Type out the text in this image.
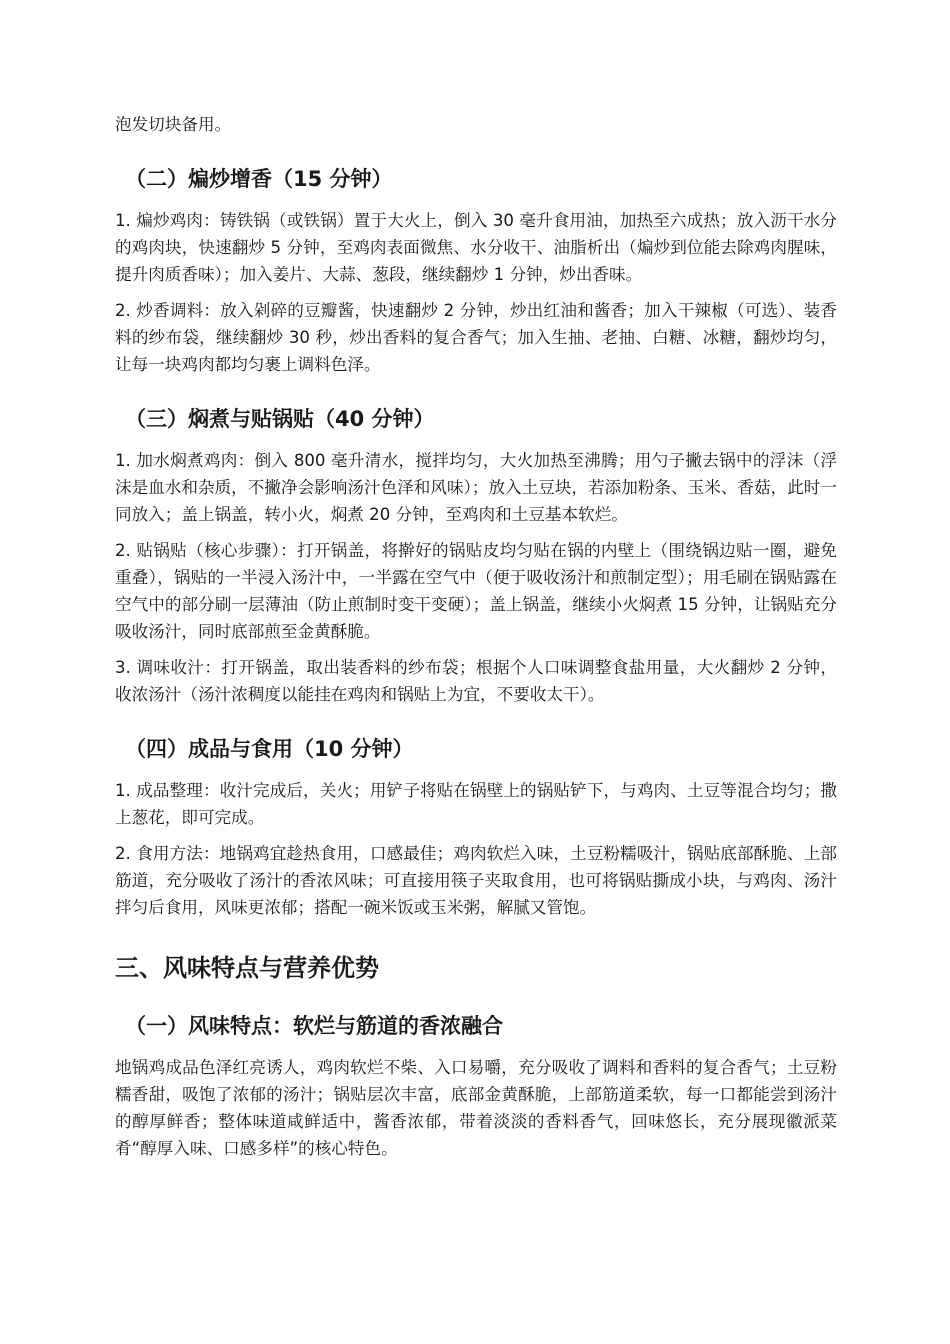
泡发切块备用。

（二）煸炒增香（15 分钟）

1. 煸炒鸡肉：铸铁锅（或铁锅）置于大火上，倒入 30 毫升食用油，加热至六成热；放入沥干水分的鸡肉块，快速翻炒 5 分钟，至鸡肉表面微焦、水分收干、油脂析出（煸炒到位能去除鸡肉腥味，提升肉质香味）；加入姜片、大蒜、葱段，继续翻炒 1 分钟，炒出香味。

2. 炒香调料：放入剁碎的豆瓣酱，快速翻炒 2 分钟，炒出红油和酱香；加入干辣椒（可选）、装香料的纱布袋，继续翻炒 30 秒，炒出香料的复合香气；加入生抽、老抽、白糖、冰糖，翻炒均匀，让每一块鸡肉都均匀裹上调料色泽。

（三）焖煮与贴锅贴（40 分钟）

1. 加水焖煮鸡肉：倒入 800 毫升清水，搅拌均匀，大火加热至沸腾；用勺子撇去锅中的浮沫（浮沫是血水和杂质，不撇净会影响汤汁色泽和风味）；放入土豆块，若添加粉条、玉米、香菇，此时一同放入；盖上锅盖，转小火，焖煮 20 分钟，至鸡肉和土豆基本软烂。

2. 贴锅贴（核心步骤）：打开锅盖，将擀好的锅贴皮均匀贴在锅的内壁上（围绕锅边贴一圈，避免重叠），锅贴的一半浸入汤汁中，一半露在空气中（便于吸收汤汁和煎制定型）；用毛刷在锅贴露在空气中的部分刷一层薄油（防止煎制时变干变硬）；盖上锅盖，继续小火焖煮 15 分钟，让锅贴充分吸收汤汁，同时底部煎至金黄酥脆。

3. 调味收汁：打开锅盖，取出装香料的纱布袋；根据个人口味调整食盐用量，大火翻炒 2 分钟，收浓汤汁（汤汁浓稠度以能挂在鸡肉和锅贴上为宜，不要收太干）。

（四）成品与食用（10 分钟）

1. 成品整理：收汁完成后，关火；用铲子将贴在锅壁上的锅贴铲下，与鸡肉、土豆等混合均匀；撒上葱花，即可完成。

2. 食用方法：地锅鸡宜趁热食用，口感最佳；鸡肉软烂入味，土豆粉糯吸汁，锅贴底部酥脆、上部筋道，充分吸收了汤汁的香浓风味；可直接用筷子夹取食用，也可将锅贴撕成小块，与鸡肉、汤汁拌匀后食用，风味更浓郁；搭配一碗米饭或玉米粥，解腻又管饱。

三、风味特点与营养优势
（一）风味特点：软烂与筋道的香浓融合

地锅鸡成品色泽红亮诱人，鸡肉软烂不柴、入口易嚼，充分吸收了调料和香料的复合香气；土豆粉糯香甜，吸饱了浓郁的汤汁；锅贴层次丰富，底部金黄酥脆，上部筋道柔软，每一口都能尝到汤汁的醇厚鲜香；整体味道咸鲜适中，酱香浓郁，带着淡淡的香料香气，回味悠长，充分展现徽派菜肴“醇厚入味、口感多样”的核心特色。
